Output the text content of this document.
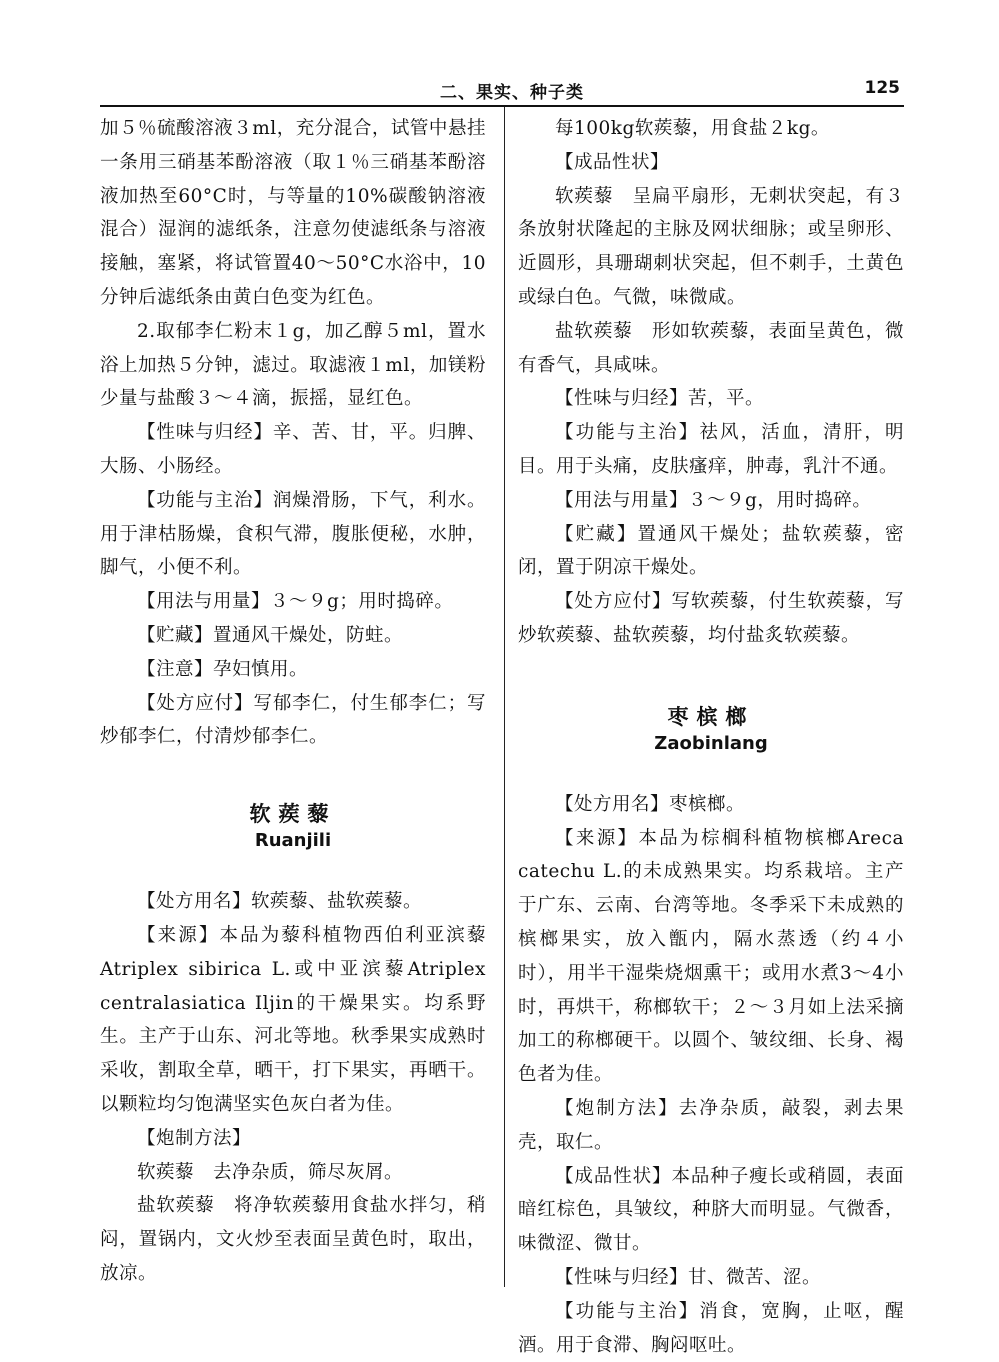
二、果实、种子类	125

加５％硫酸溶液３ml，充分混合，试管中悬挂一条用三硝基苯酚溶液（取１％三硝基苯酚溶液加热至60°C时，与等量的10%碳酸钠溶液混合）湿润的滤纸条，注意勿使滤纸条与溶液接触，塞紧，将试管置40～50°C水浴中，10分钟后滤纸条由黄白色变为红色。

2.取郁李仁粉末１g，加乙醇５ml，置水浴上加热５分钟，滤过。取滤液１ml，加镁粉少量与盐酸３～４滴，振摇，显红色。

【性味与归经】辛、苦、甘，平。归脾、大肠、小肠经。

【功能与主治】润燥滑肠，下气，利水。用于津枯肠燥，食积气滞，腹胀便秘，水肿，脚气，小便不利。

【用法与用量】３～９g；用时捣碎。

【贮藏】置通风干燥处，防蛀。

【注意】孕妇慎用。

【处方应付】写郁李仁，付生郁李仁；写炒郁李仁，付清炒郁李仁。

软蒺藜
Ruanjili

【处方用名】软蒺藜、盐软蒺藜。

【来源】本品为藜科植物西伯利亚滨藜Atriplex sibirica L.或中亚滨藜Atriplex centralasiatica Iljin的干燥果实。均系野生。主产于山东、河北等地。秋季果实成熟时采收，割取全草，晒干，打下果实，再晒干。以颗粒均匀饱满坚实色灰白者为佳。

【炮制方法】

软蒺藜　去净杂质，筛尽灰屑。

盐软蒺藜　将净软蒺藜用食盐水拌匀，稍闷，置锅内，文火炒至表面呈黄色时，取出，放凉。

每100kg软蒺藜，用食盐２kg。

【成品性状】

软蒺藜　呈扁平扇形，无刺状突起，有３条放射状隆起的主脉及网状细脉；或呈卵形、近圆形，具珊瑚刺状突起，但不刺手，土黄色或绿白色。气微，味微咸。

盐软蒺藜　形如软蒺藜，表面呈黄色，微有香气，具咸味。

【性味与归经】苦，平。

【功能与主治】祛风，活血，清肝，明目。用于头痛，皮肤瘙痒，肿毒，乳汁不通。

【用法与用量】３～９g，用时捣碎。

【贮藏】置通风干燥处；盐软蒺藜，密闭，置于阴凉干燥处。

【处方应付】写软蒺藜，付生软蒺藜，写炒软蒺藜、盐软蒺藜，均付盐炙软蒺藜。

枣槟榔
Zaobinlang

【处方用名】枣槟榔。

【来源】本品为棕榈科植物槟榔Areca catechu L.的未成熟果实。均系栽培。主产于广东、云南、台湾等地。冬季采下未成熟的槟榔果实，放入甑内，隔水蒸透（约４小时），用半干湿柴烧烟熏干；或用水煮3～4小时，再烘干，称榔软干；２～３月如上法采摘加工的称榔硬干。以圆个、皱纹细、长身、褐色者为佳。

【炮制方法】去净杂质，敲裂，剥去果壳，取仁。

【成品性状】本品种子瘦长或稍圆，表面暗红棕色，具皱纹，种脐大而明显。气微香，味微涩、微甘。

【性味与归经】甘、微苦、涩。

【功能与主治】消食，宽胸，止呕，醒酒。用于食滞、胸闷呕吐。
